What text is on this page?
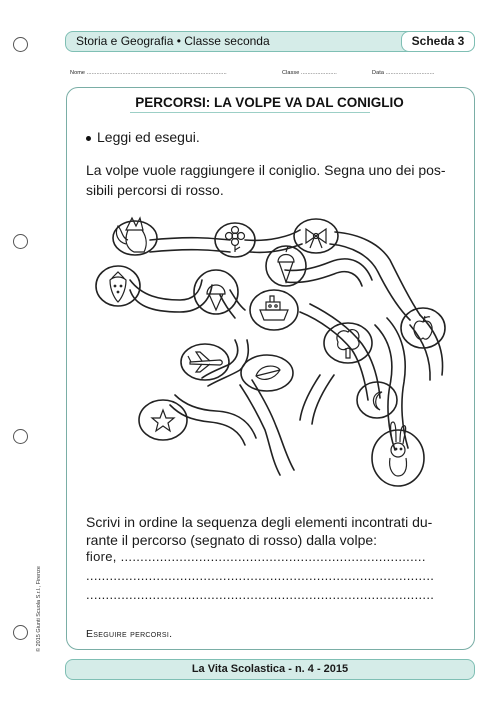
Storia e Geografia • Classe seconda	Scheda 3
Nome ......................................................................................	Classe ......................	Data ..............................
PERCORSI: LA VOLPE VA DAL CONIGLIO
Leggi ed esegui.
La volpe vuole raggiungere il coniglio. Segna uno dei pos-
sibili percorsi di rosso.
Scrivi in ordine la sequenza degli elementi incontrati du-
rante il percorso (segnato di rosso) dalla volpe:
fiore, ..............................................................................
.........................................................................................
.........................................................................................
Eseguire percorsi.
© 2015 Giunti Scuola S.r.l., Firenze
La Vita Scolastica - n. 4 - 2015
